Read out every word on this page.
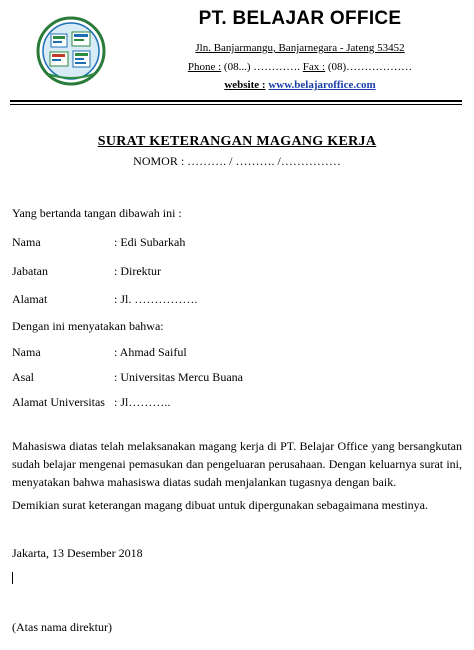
PT. BELAJAR OFFICE
Jln. Banjarmangu, Banjarnegara - Jateng 53452
Phone : (08...) …………. Fax : (08)………………
website : www.belajaroffice.com
SURAT KETERANGAN MAGANG KERJA
NOMOR : ………. / ………. /……………
Yang bertanda tangan dibawah ini :
Nama	: Edi Subarkah
Jabatan	: Direktur
Alamat	: Jl. …………….
Dengan ini menyatakan bahwa:
Nama	: Ahmad Saiful
Asal	: Universitas Mercu Buana
Alamat Universitas : Jl………..
Mahasiswa diatas telah melaksanakan magang kerja di PT. Belajar Office yang bersangkutan sudah belajar mengenai pemasukan dan pengeluaran perusahaan. Dengan keluarnya surat ini, menyatakan bahwa mahasiswa diatas sudah menjalankan tugasnya dengan baik.
Demikian surat keterangan magang dibuat untuk dipergunakan sebagaimana mestinya.
Jakarta, 13 Desember 2018
(Atas nama direktur)
